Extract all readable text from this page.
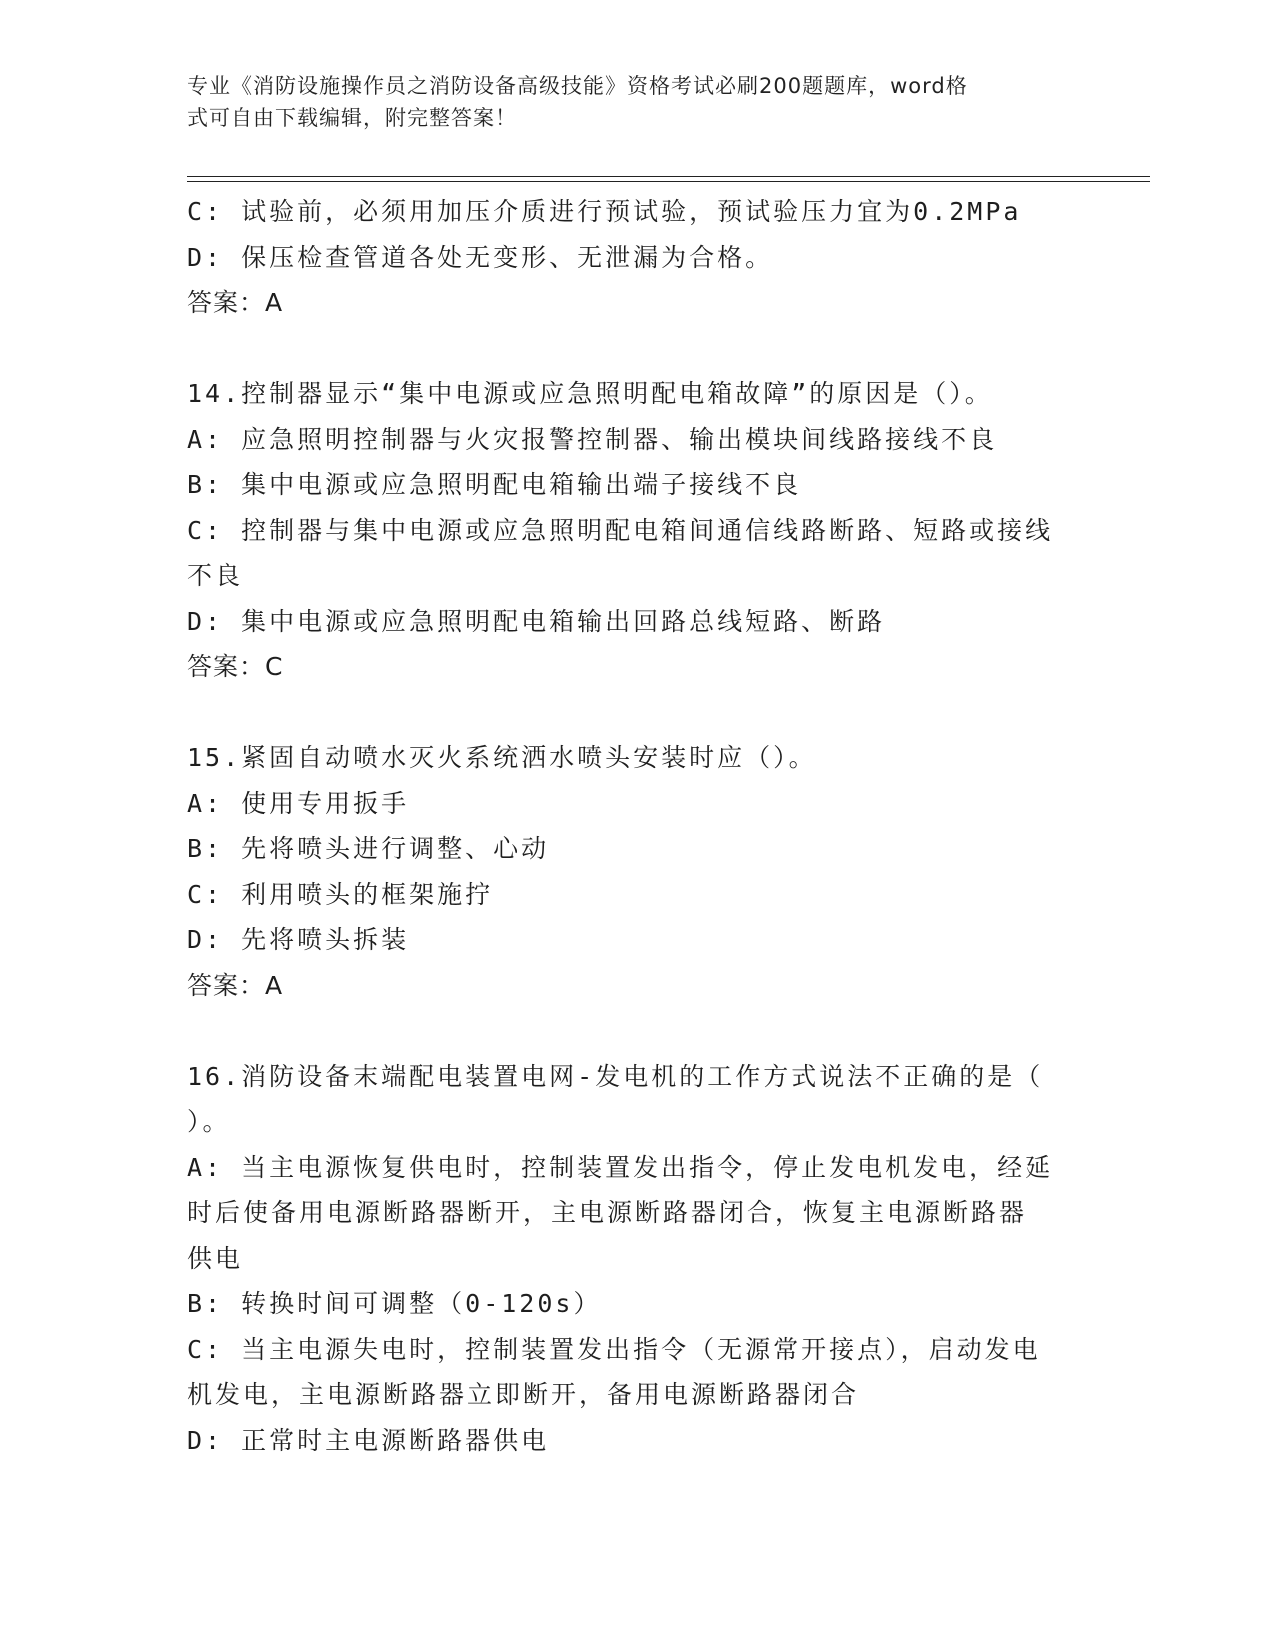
专业《消防设施操作员之消防设备高级技能》资格考试必刷200题题库，word格
式可自由下载编辑，附完整答案！
C: 试验前，必须用加压介质进行预试验，预试验压力宜为0.2MPa
D: 保压检查管道各处无变形、无泄漏为合格。
答案：A
14.控制器显示“集中电源或应急照明配电箱故障”的原因是（）。
A: 应急照明控制器与火灾报警控制器、输出模块间线路接线不良
B: 集中电源或应急照明配电箱输出端子接线不良
C: 控制器与集中电源或应急照明配电箱间通信线路断路、短路或接线
不良
D: 集中电源或应急照明配电箱输出回路总线短路、断路
答案：C
15.紧固自动喷水灭火系统洒水喷头安装时应（）。
A: 使用专用扳手
B: 先将喷头进行调整、心动
C: 利用喷头的框架施拧
D: 先将喷头拆装
答案：A
16.消防设备末端配电装置电网-发电机的工作方式说法不正确的是（
）。
A: 当主电源恢复供电时，控制装置发出指令，停止发电机发电，经延
时后使备用电源断路器断开，主电源断路器闭合，恢复主电源断路器
供电
B: 转换时间可调整（0-120s）
C: 当主电源失电时，控制装置发出指令（无源常开接点），启动发电
机发电，主电源断路器立即断开，备用电源断路器闭合
D: 正常时主电源断路器供电
